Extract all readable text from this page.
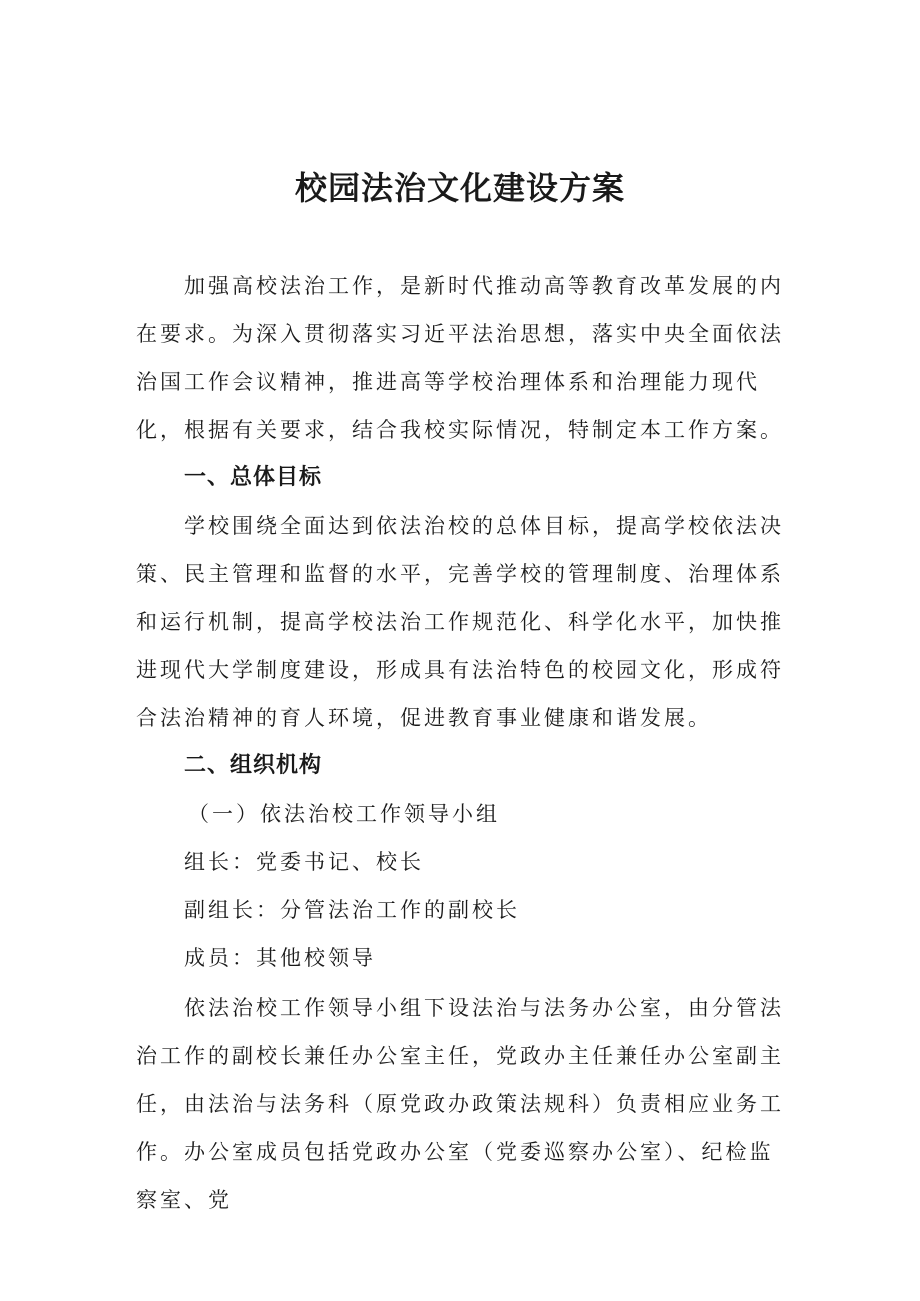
校园法治文化建设方案

加强高校法治工作，是新时代推动高等教育改革发展的内在要求。为深入贯彻落实习近平法治思想，落实中央全面依法治国工作会议精神，推进高等学校治理体系和治理能力现代化，根据有关要求，结合我校实际情况，特制定本工作方案。

一、总体目标

学校围绕全面达到依法治校的总体目标，提高学校依法决策、民主管理和监督的水平，完善学校的管理制度、治理体系和运行机制，提高学校法治工作规范化、科学化水平，加快推进现代大学制度建设，形成具有法治特色的校园文化，形成符合法治精神的育人环境，促进教育事业健康和谐发展。

二、组织机构

（一）依法治校工作领导小组

组长：党委书记、校长

副组长：分管法治工作的副校长

成员：其他校领导

依法治校工作领导小组下设法治与法务办公室，由分管法治工作的副校长兼任办公室主任，党政办主任兼任办公室副主任，由法治与法务科（原党政办政策法规科）负责相应业务工作。办公室成员包括党政办公室（党委巡察办公室）、纪检监察室、党
